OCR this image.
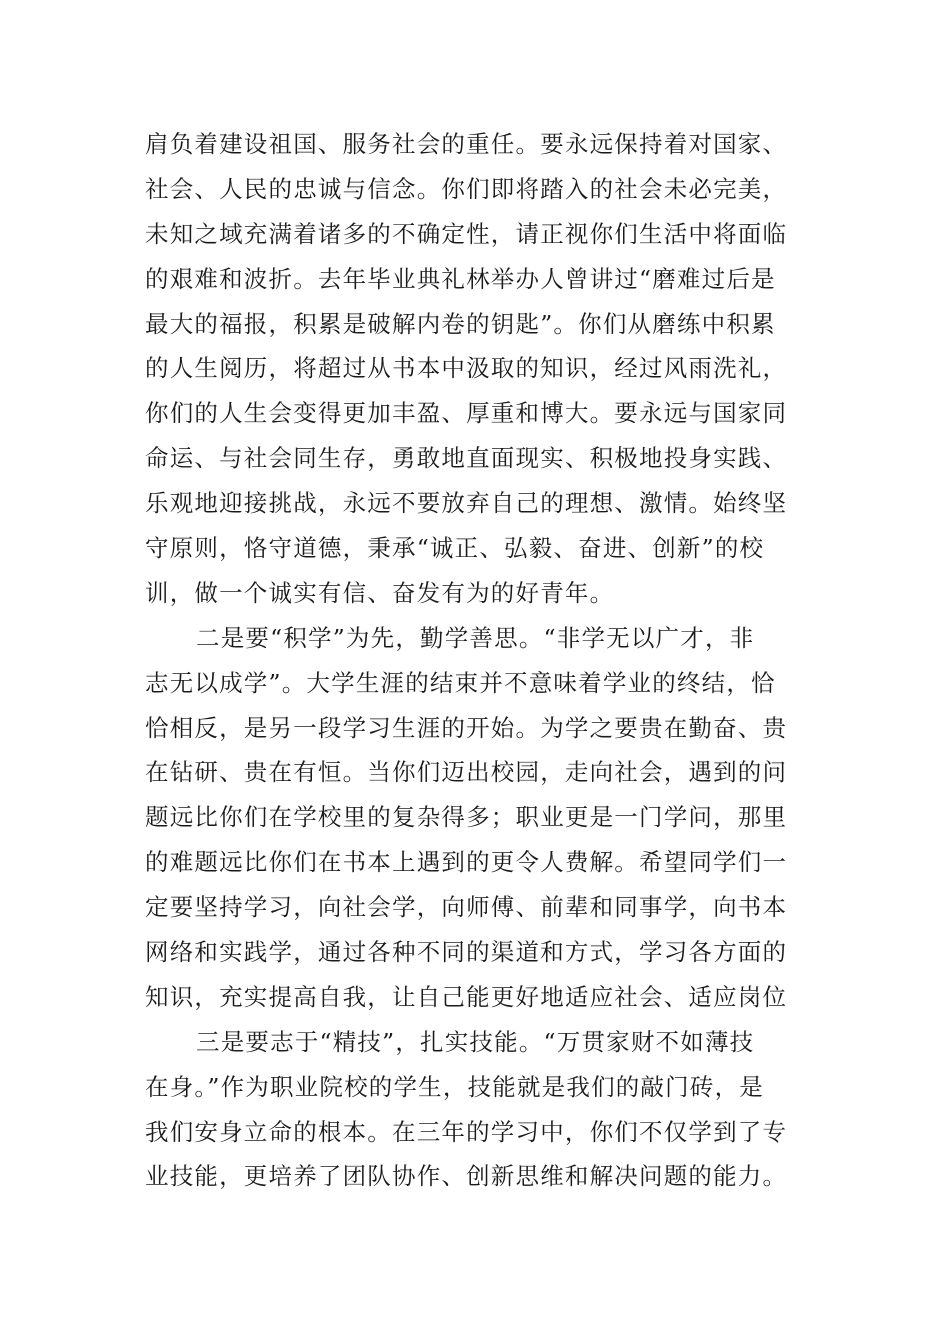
肩负着建设祖国、服务社会的重任。要永远保持着对国家、
社会、人民的忠诚与信念。你们即将踏入的社会未必完美，
未知之域充满着诸多的不确定性，请正视你们生活中将面临
的艰难和波折。去年毕业典礼林举办人曾讲过“磨难过后是
最大的福报，积累是破解内卷的钥匙”。你们从磨练中积累
的人生阅历，将超过从书本中汲取的知识，经过风雨洗礼，
你们的人生会变得更加丰盈、厚重和博大。要永远与国家同
命运、与社会同生存，勇敢地直面现实、积极地投身实践、
乐观地迎接挑战，永远不要放弃自己的理想、激情。始终坚
守原则，恪守道德，秉承“诚正、弘毅、奋进、创新”的校
训，做一个诚实有信、奋发有为的好青年。
二是要“积学”为先，勤学善思。“非学无以广才，非
志无以成学”。大学生涯的结束并不意味着学业的终结，恰
恰相反，是另一段学习生涯的开始。为学之要贵在勤奋、贵
在钻研、贵在有恒。当你们迈出校园，走向社会，遇到的问
题远比你们在学校里的复杂得多；职业更是一门学问，那里
的难题远比你们在书本上遇到的更令人费解。希望同学们一
定要坚持学习，向社会学，向师傅、前辈和同事学，向书本
网络和实践学，通过各种不同的渠道和方式，学习各方面的
知识，充实提高自我，让自己能更好地适应社会、适应岗位
三是要志于“精技”，扎实技能。“万贯家财不如薄技
在身。”作为职业院校的学生，技能就是我们的敲门砖，是
我们安身立命的根本。在三年的学习中，你们不仅学到了专
业技能，更培养了团队协作、创新思维和解决问题的能力。
